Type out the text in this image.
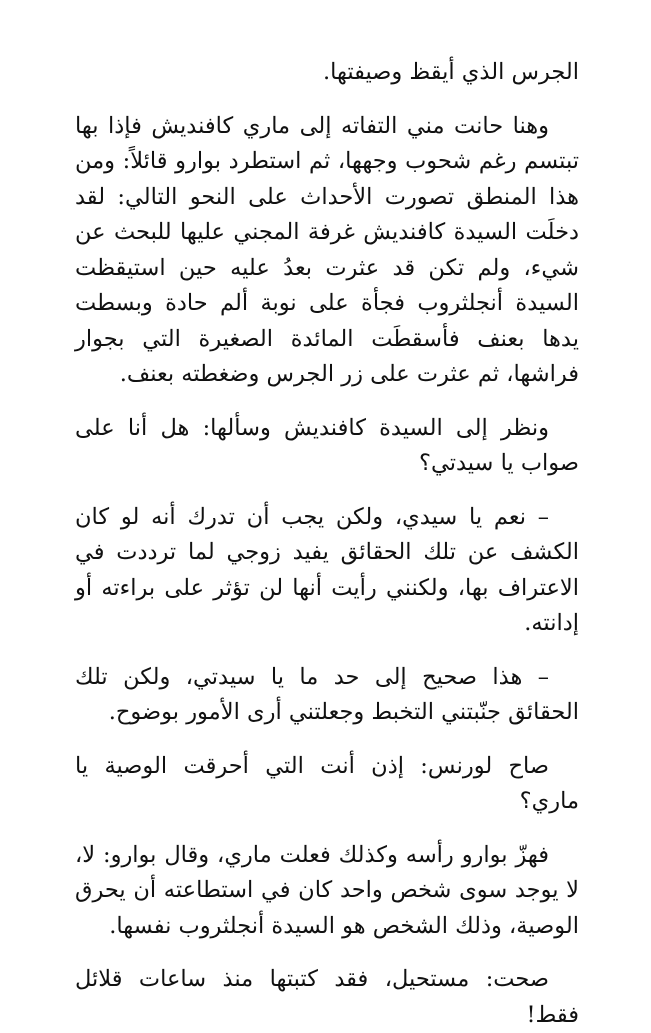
الجرس الذي أيقظ وصيفتها.

وهنا حانت مني التفاته إلى ماري كافنديش فإذا بها تبتسم رغم شحوب وجهها، ثم استطرد بوارو قائلاً: ومن هذا المنطق تصورت الأحداث على النحو التالي: لقد دخلَت السيدة كافنديش غرفة المجني عليها للبحث عن شيء، ولم تكن قد عثرت بعدُ عليه حين استيقظت السيدة أنجلثروب فجأة على نوبة ألم حادة وبسطت يدها بعنف فأسقطَت المائدة الصغيرة التي بجوار فراشها، ثم عثرت على زر الجرس وضغطته بعنف.

ونظر إلى السيدة كافنديش وسألها: هل أنا على صواب يا سيدتي؟

– نعم يا سيدي، ولكن يجب أن تدرك أنه لو كان الكشف عن تلك الحقائق يفيد زوجي لما ترددت في الاعتراف بها، ولكنني رأيت أنها لن تؤثر على براءته أو إدانته.

– هذا صحيح إلى حد ما يا سيدتي، ولكن تلك الحقائق جنّبتني التخبط وجعلتني أرى الأمور بوضوح.

صاح لورنس: إذن أنت التي أحرقت الوصية يا ماري؟

فهزّ بوارو رأسه وكذلك فعلت ماري، وقال بوارو: لا، لا يوجد سوى شخص واحد كان في استطاعته أن يحرق الوصية، وذلك الشخص هو السيدة أنجلثروب نفسها.

صحت: مستحيل، فقد كتبتها منذ ساعات قلائل فقط!
